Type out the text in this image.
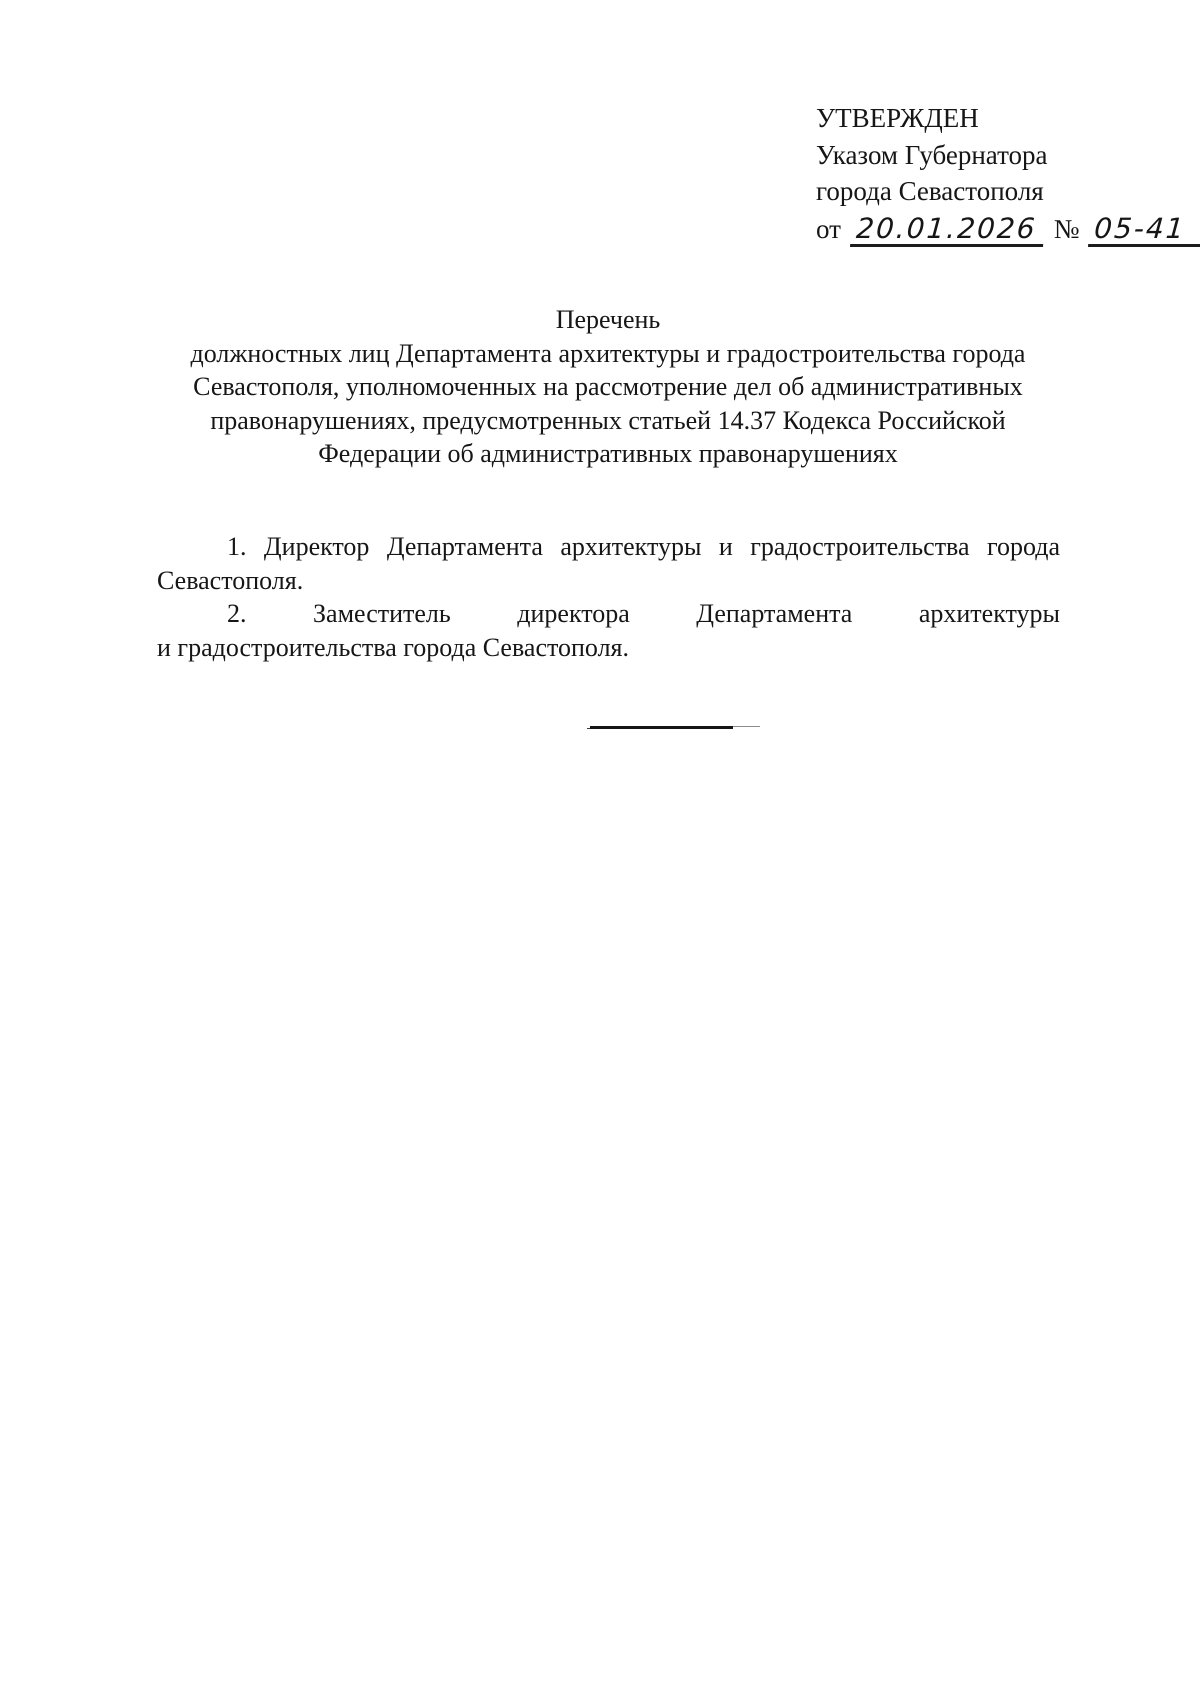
УТВЕРЖДЕН
Указом Губернатора
города Севастополя
от 20.01.2026 № 05-41
Перечень
должностных лиц Департамента архитектуры и градостроительства города
Севастополя, уполномоченных на рассмотрение дел об административных
правонарушениях, предусмотренных статьей 14.37 Кодекса Российской
Федерации об административных правонарушениях
1. Директор Департамента архитектуры и градостроительства города
Севастополя.
2. Заместитель директора Департамента архитектуры
и градостроительства города Севастополя.
